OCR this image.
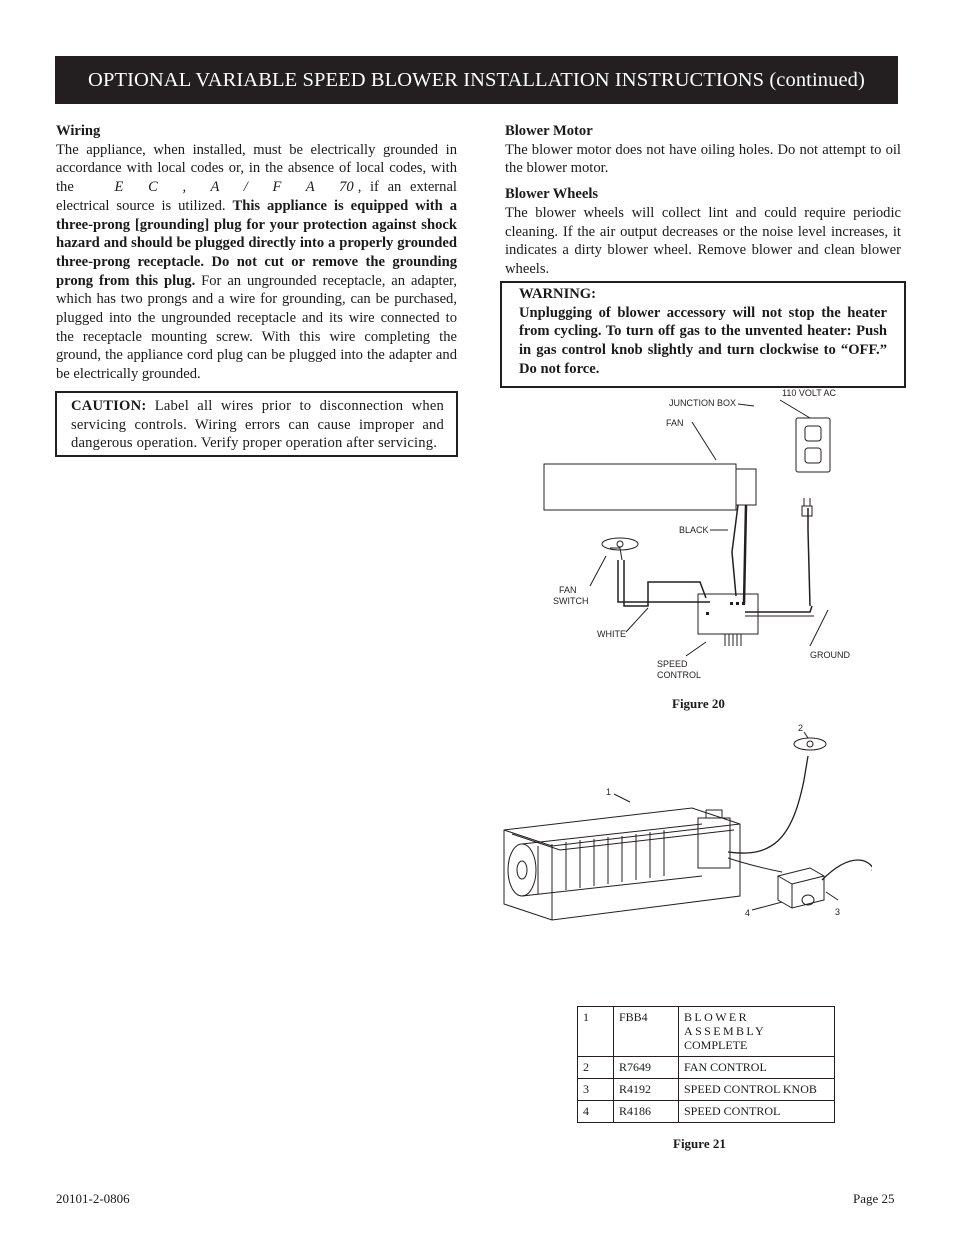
OPTIONAL VARIABLE SPEED BLOWER INSTALLATION INSTRUCTIONS (continued)
Wiring
The appliance, when installed, must be electrically grounded in accordance with local codes or, in the absence of local codes, with the	E C , A / F A 70 , if an external electrical source is utilized. This appliance is equipped with a three-prong [grounding] plug for your protection against shock hazard and should be plugged directly into a properly grounded three-prong receptacle. Do not cut or remove the grounding prong from this plug. For an ungrounded receptacle, an adapter, which has two prongs and a wire for grounding, can be purchased, plugged into the ungrounded receptacle and its wire connected to the receptacle mounting screw. With this wire completing the ground, the appliance cord plug can be plugged into the adapter and be electrically grounded.
CAUTION: Label all wires prior to disconnection when servicing controls. Wiring errors can cause improper and dangerous operation. Verify proper operation after servicing.
Blower Motor
The blower motor does not have oiling holes. Do not attempt to oil the blower motor.
Blower Wheels
The blower wheels will collect lint and could require periodic cleaning. If the air output decreases or the noise level increases, it indicates a dirty blower wheel. Remove blower and clean blower wheels.
WARNING:
Unplugging of blower accessory will not stop the heater from cycling. To turn off gas to the unvented heater: Push in gas control knob slightly and turn clockwise to “OFF.” Do not force.
110 VOLT AC
JUNCTION BOX
FAN
BLACK
FAN
SWITCH
WHITE
SPEED
CONTROL
GROUND
Figure 20
1
2
3
4
1	FBB4	BLOWER ASSEMBLY
COMPLETE

2	R7649	FAN CONTROL
3	R4192	SPEED CONTROL KNOB
4	R4186	SPEED CONTROL
Figure 21
20101-2-0806	Page 25
